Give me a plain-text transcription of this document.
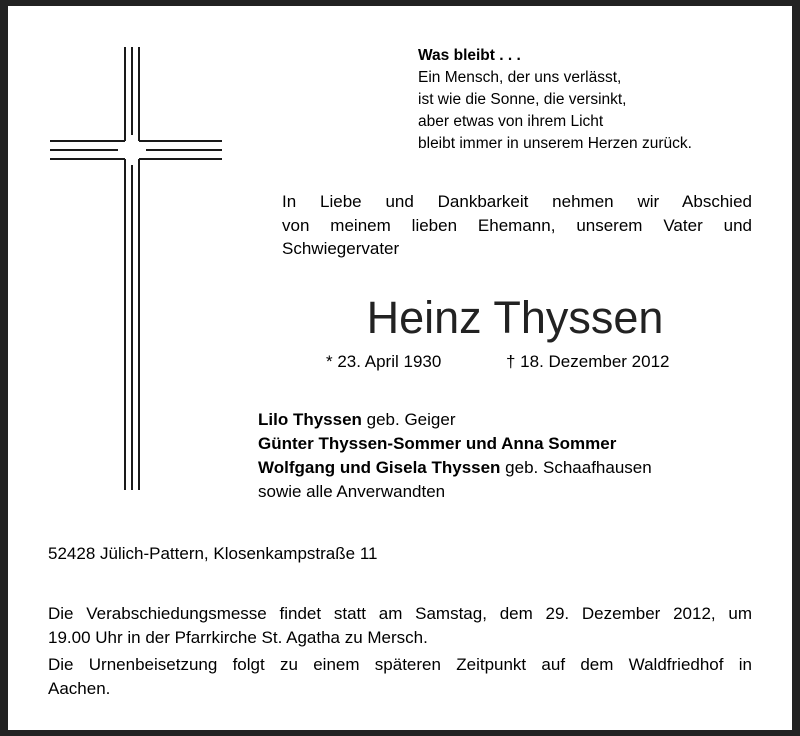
Was bleibt . . .
Ein Mensch, der uns verlässt,
ist wie die Sonne, die versinkt,
aber etwas von ihrem Licht
bleibt immer in unserem Herzen zurück.
In Liebe und Dankbarkeit nehmen wir Abschied
von meinem lieben Ehemann, unserem Vater und
Schwiegervater
Heinz Thyssen
* 23. April 1930	† 18. Dezember 2012
Lilo Thyssen geb. Geiger
Günter Thyssen-Sommer und Anna Sommer
Wolfgang und Gisela Thyssen geb. Schaafhausen
sowie alle Anverwandten
52428 Jülich-Pattern, Klosenkampstraße 11
Die Verabschiedungsmesse findet statt am Samstag, dem 29. Dezember 2012, um
19.00 Uhr in der Pfarrkirche St. Agatha zu Mersch.
Die Urnenbeisetzung folgt zu einem späteren Zeitpunkt auf dem Waldfriedhof in
Aachen.
